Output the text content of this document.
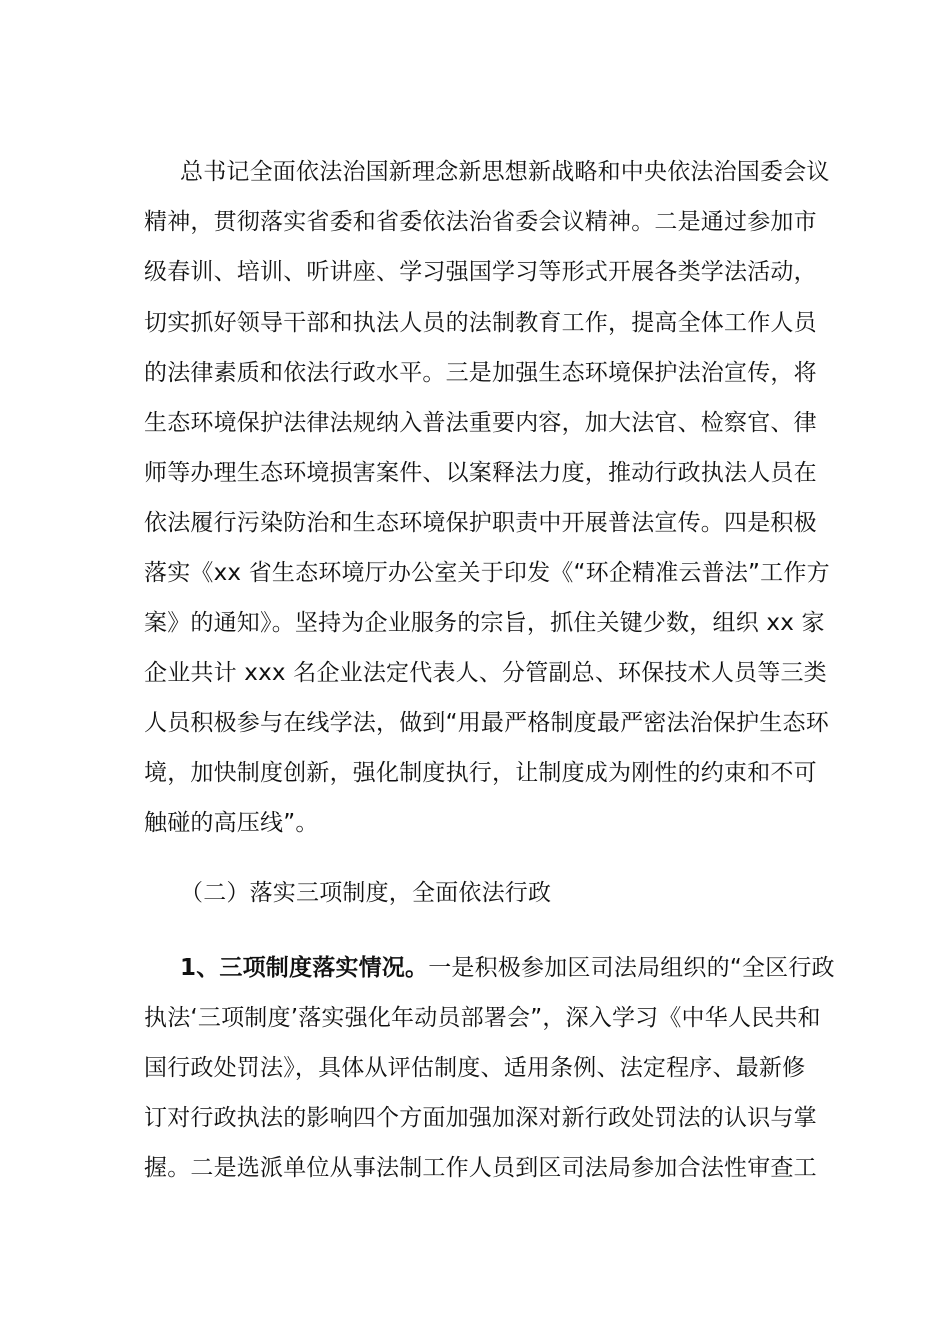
总书记全面依法治国新理念新思想新战略和中央依法治国委会议
精神，贯彻落实省委和省委依法治省委会议精神。二是通过参加市
级春训、培训、听讲座、学习强国学习等形式开展各类学法活动，
切实抓好领导干部和执法人员的法制教育工作，提高全体工作人员
的法律素质和依法行政水平。三是加强生态环境保护法治宣传，将
生态环境保护法律法规纳入普法重要内容，加大法官、检察官、律
师等办理生态环境损害案件、以案释法力度，推动行政执法人员在
依法履行污染防治和生态环境保护职责中开展普法宣传。四是积极
落实《xx 省生态环境厅办公室关于印发《“环企精准云普法”工作方
案》的通知》。坚持为企业服务的宗旨，抓住关键少数，组织 xx 家
企业共计 xxx 名企业法定代表人、分管副总、环保技术人员等三类
人员积极参与在线学法，做到“用最严格制度最严密法治保护生态环
境，加快制度创新，强化制度执行，让制度成为刚性的约束和不可
触碰的高压线”。
（二）落实三项制度，全面依法行政
1、三项制度落实情况。一是积极参加区司法局组织的“全区行政
执法‘三项制度’落实强化年动员部署会”，深入学习《中华人民共和
国行政处罚法》，具体从评估制度、适用条例、法定程序、最新修
订对行政执法的影响四个方面加强加深对新行政处罚法的认识与掌
握。二是选派单位从事法制工作人员到区司法局参加合法性审查工
